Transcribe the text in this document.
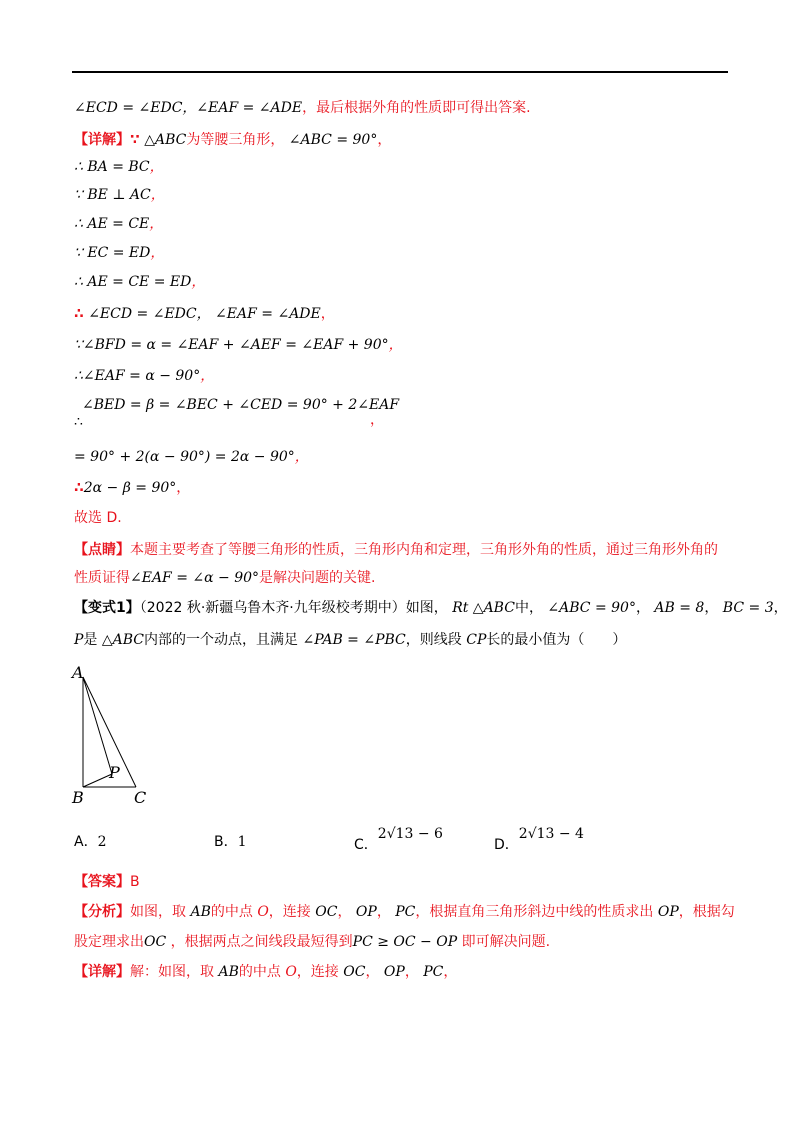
∠ECD = ∠EDC，∠EAF = ∠ADE，最后根据外角的性质即可得出答案.
【详解】∵ △ABC为等腰三角形， ∠ABC = 90°，
∴ BA = BC，
∵ BE ⊥ AC，
∴ AE = CE，
∵ EC = ED，
∴ AE = CE = ED，
∴ ∠ECD = ∠EDC， ∠EAF = ∠ADE，
∵∠BFD = α = ∠EAF + ∠AEF = ∠EAF + 90°，
∴∠EAF = α − 90°，
∠BED = β = ∠BEC + ∠CED = 90° + 2∠EAF
∴	，
= 90° + 2(α − 90°) = 2α − 90°，
∴2α − β = 90°，
故选 D.
【点睛】本题主要考查了等腰三角形的性质，三角形内角和定理，三角形外角的性质，通过三角形外角的
性质证得∠EAF = ∠α − 90°是解决问题的关键.
【变式1】（2022 秋·新疆乌鲁木齐·九年级校考期中）如图， Rt △ABC中， ∠ABC = 90°， AB = 8， BC = 3，
P是 △ABC内部的一个动点，且满足 ∠PAB = ∠PBC，则线段 CP长的最小值为（　　）
A
B	C
P
A．2	B．1	C．2√13 − 6
D．2√13 − 4
【答案】B
【分析】如图，取 AB的中点 O，连接 OC， OP， PC，根据直角三角形斜边中线的性质求出 OP，根据勾
股定理求出OC ，根据两点之间线段最短得到PC ≥ OC − OP 即可解决问题.
【详解】解：如图，取 AB的中点 O，连接 OC， OP， PC，
